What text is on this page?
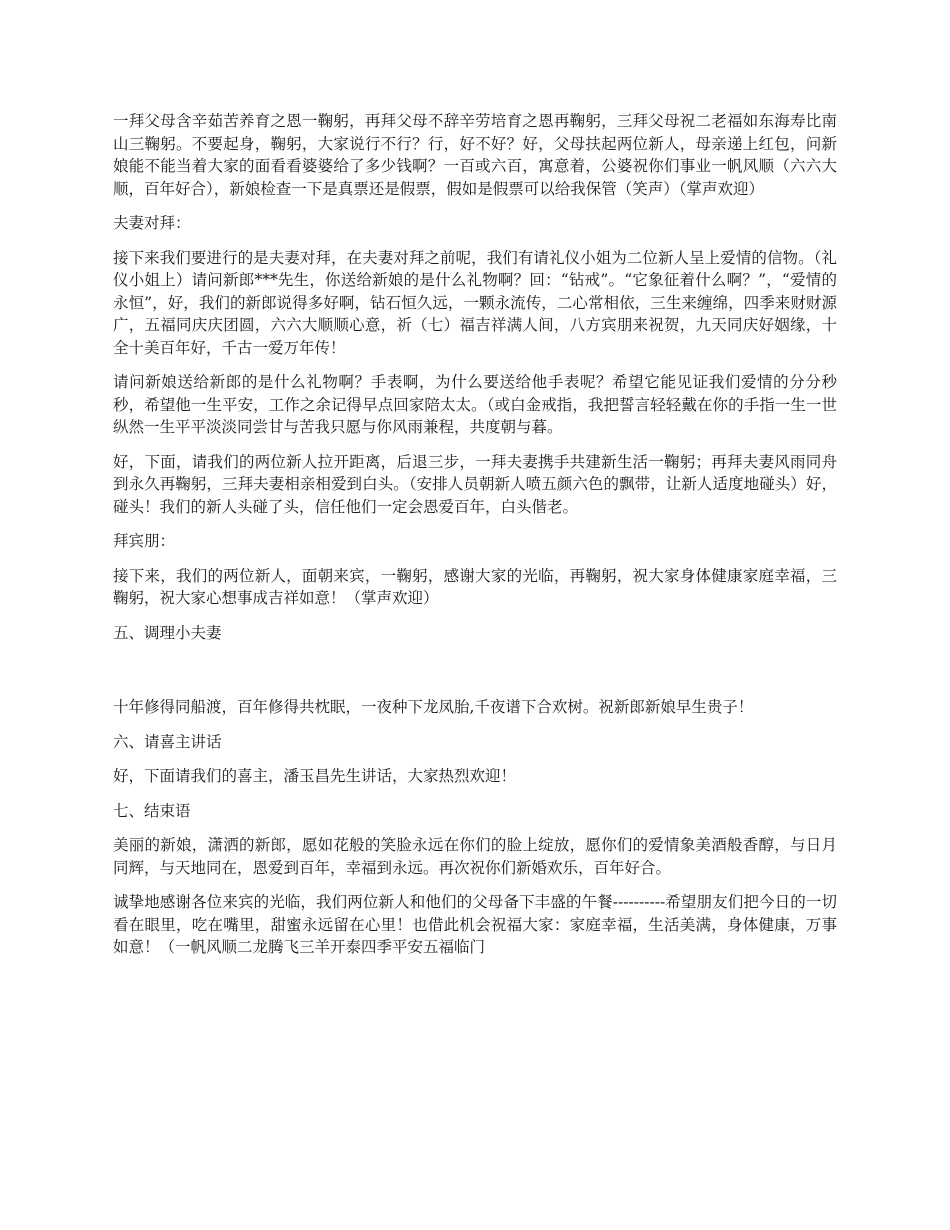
一拜父母含辛茹苦养育之恩一鞠躬，再拜父母不辞辛劳培育之恩再鞠躬，三拜父母祝二老福如东海寿比南山三鞠躬。不要起身，鞠躬，大家说行不行？行，好不好？好，父母扶起两位新人，母亲递上红包，问新娘能不能当着大家的面看看婆婆给了多少钱啊？一百或六百，寓意着，公婆祝你们事业一帆风顺（六六大顺，百年好合），新娘检查一下是真票还是假票，假如是假票可以给我保管（笑声）（掌声欢迎）

夫妻对拜：

接下来我们要进行的是夫妻对拜，在夫妻对拜之前呢，我们有请礼仪小姐为二位新人呈上爱情的信物。（礼仪小姐上）请问新郎***先生，你送给新娘的是什么礼物啊？回：“钻戒”。“它象征着什么啊？”，“爱情的永恒”，好，我们的新郎说得多好啊，钻石恒久远，一颗永流传，二心常相依，三生来缠绵，四季来财财源广，五福同庆庆团圆，六六大顺顺心意，祈（七）福吉祥满人间，八方宾朋来祝贺，九天同庆好姻缘，十全十美百年好，千古一爱万年传！

请问新娘送给新郎的是什么礼物啊？手表啊，为什么要送给他手表呢？希望它能见证我们爱情的分分秒秒，希望他一生平安，工作之余记得早点回家陪太太。（或白金戒指，我把誓言轻轻戴在你的手指一生一世纵然一生平平淡淡同尝甘与苦我只愿与你风雨兼程，共度朝与暮。

好，下面，请我们的两位新人拉开距离，后退三步，一拜夫妻携手共建新生活一鞠躬；再拜夫妻风雨同舟到永久再鞠躬，三拜夫妻相亲相爱到白头。（安排人员朝新人喷五颜六色的飘带，让新人适度地碰头）好，碰头！我们的新人头碰了头，信任他们一定会恩爱百年，白头偕老。

拜宾朋：

接下来，我们的两位新人，面朝来宾，一鞠躬，感谢大家的光临，再鞠躬，祝大家身体健康家庭幸福，三鞠躬，祝大家心想事成吉祥如意！（掌声欢迎）

五、调理小夫妻

十年修得同船渡，百年修得共枕眠，一夜种下龙凤胎,千夜谱下合欢树。祝新郎新娘早生贵子！

六、请喜主讲话

好，下面请我们的喜主，潘玉昌先生讲话，大家热烈欢迎！

七、结束语

美丽的新娘，潇洒的新郎，愿如花般的笑脸永远在你们的脸上绽放，愿你们的爱情象美酒般香醇，与日月同辉，与天地同在，恩爱到百年，幸福到永远。再次祝你们新婚欢乐，百年好合。

诚挚地感谢各位来宾的光临，我们两位新人和他们的父母备下丰盛的午餐----------希望朋友们把今日的一切看在眼里，吃在嘴里，甜蜜永远留在心里！也借此机会祝福大家：家庭幸福，生活美满，身体健康，万事如意！（一帆风顺二龙腾飞三羊开泰四季平安五福临门
